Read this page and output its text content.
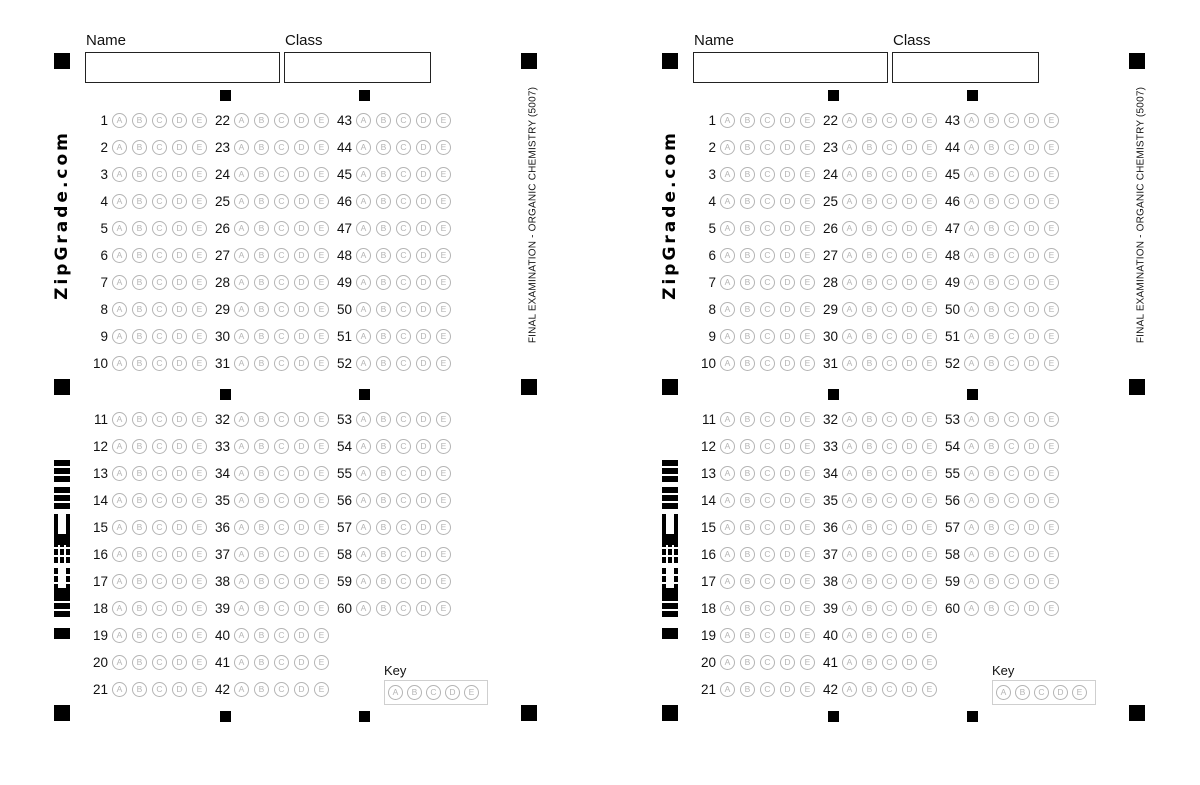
Name	Class
ZipGrade.com	FINAL EXAMINATION - ORGANIC CHEMISTRY (5007)
1	A	B	C	D	E 22	A	B	C	D	E 43	A	B	C	D	E
2	A	B	C	D	E 23	A	B	C	D	E 44	A	B	C	D	E
3	A	B	C	D	E 24	A	B	C	D	E 45	A	B	C	D	E
4	A	B	C	D	E 25	A	B	C	D	E 46	A	B	C	D	E
5	A	B	C	D	E 26	A	B	C	D	E 47	A	B	C	D	E
6	A	B	C	D	E 27	A	B	C	D	E 48	A	B	C	D	E
7	A	B	C	D	E 28	A	B	C	D	E 49	A	B	C	D	E
8	A	B	C	D	E 29	A	B	C	D	E 50	A	B	C	D	E
9	A	B	C	D	E 30	A	B	C	D	E 51	A	B	C	D	E
10	A	B	C	D	E 31	A	B	C	D	E 52	A	B	C	D	E
11	A	B	C	D	E 32	A	B	C	D	E 53	A	B	C	D	E
12	A	B	C	D	E 33	A	B	C	D	E 54	A	B	C	D	E
13	A	B	C	D	E 34	A	B	C	D	E 55	A	B	C	D	E
14	A	B	C	D	E 35	A	B	C	D	E 56	A	B	C	D	E
15	A	B	C	D	E 36	A	B	C	D	E 57	A	B	C	D	E
16	A	B	C	D	E 37	A	B	C	D	E 58	A	B	C	D	E
17	A	B	C	D	E 38	A	B	C	D	E 59	A	B	C	D	E
18	A	B	C	D	E 39	A	B	C	D	E 60	A	B	C	D	E
19	A	B	C	D	E 40	A	B	C	D	E
20	A	B	C	D	E 41	A	B	C	D	E
21	A	B	C	D	E 42	A	B	C	D	E
Key
A	B	C	D	E
Name	Class
ZipGrade.com	FINAL EXAMINATION - ORGANIC CHEMISTRY (5007)
1	A	B	C	D	E 22	A	B	C	D	E 43	A	B	C	D	E
2	A	B	C	D	E 23	A	B	C	D	E 44	A	B	C	D	E
3	A	B	C	D	E 24	A	B	C	D	E 45	A	B	C	D	E
4	A	B	C	D	E 25	A	B	C	D	E 46	A	B	C	D	E
5	A	B	C	D	E 26	A	B	C	D	E 47	A	B	C	D	E
6	A	B	C	D	E 27	A	B	C	D	E 48	A	B	C	D	E
7	A	B	C	D	E 28	A	B	C	D	E 49	A	B	C	D	E
8	A	B	C	D	E 29	A	B	C	D	E 50	A	B	C	D	E
9	A	B	C	D	E 30	A	B	C	D	E 51	A	B	C	D	E
10	A	B	C	D	E 31	A	B	C	D	E 52	A	B	C	D	E
11	A	B	C	D	E 32	A	B	C	D	E 53	A	B	C	D	E
12	A	B	C	D	E 33	A	B	C	D	E 54	A	B	C	D	E
13	A	B	C	D	E 34	A	B	C	D	E 55	A	B	C	D	E
14	A	B	C	D	E 35	A	B	C	D	E 56	A	B	C	D	E
15	A	B	C	D	E 36	A	B	C	D	E 57	A	B	C	D	E
16	A	B	C	D	E 37	A	B	C	D	E 58	A	B	C	D	E
17	A	B	C	D	E 38	A	B	C	D	E 59	A	B	C	D	E
18	A	B	C	D	E 39	A	B	C	D	E 60	A	B	C	D	E
19	A	B	C	D	E 40	A	B	C	D	E
20	A	B	C	D	E 41	A	B	C	D	E
21	A	B	C	D	E 42	A	B	C	D	E
Key
A	B	C	D	E
